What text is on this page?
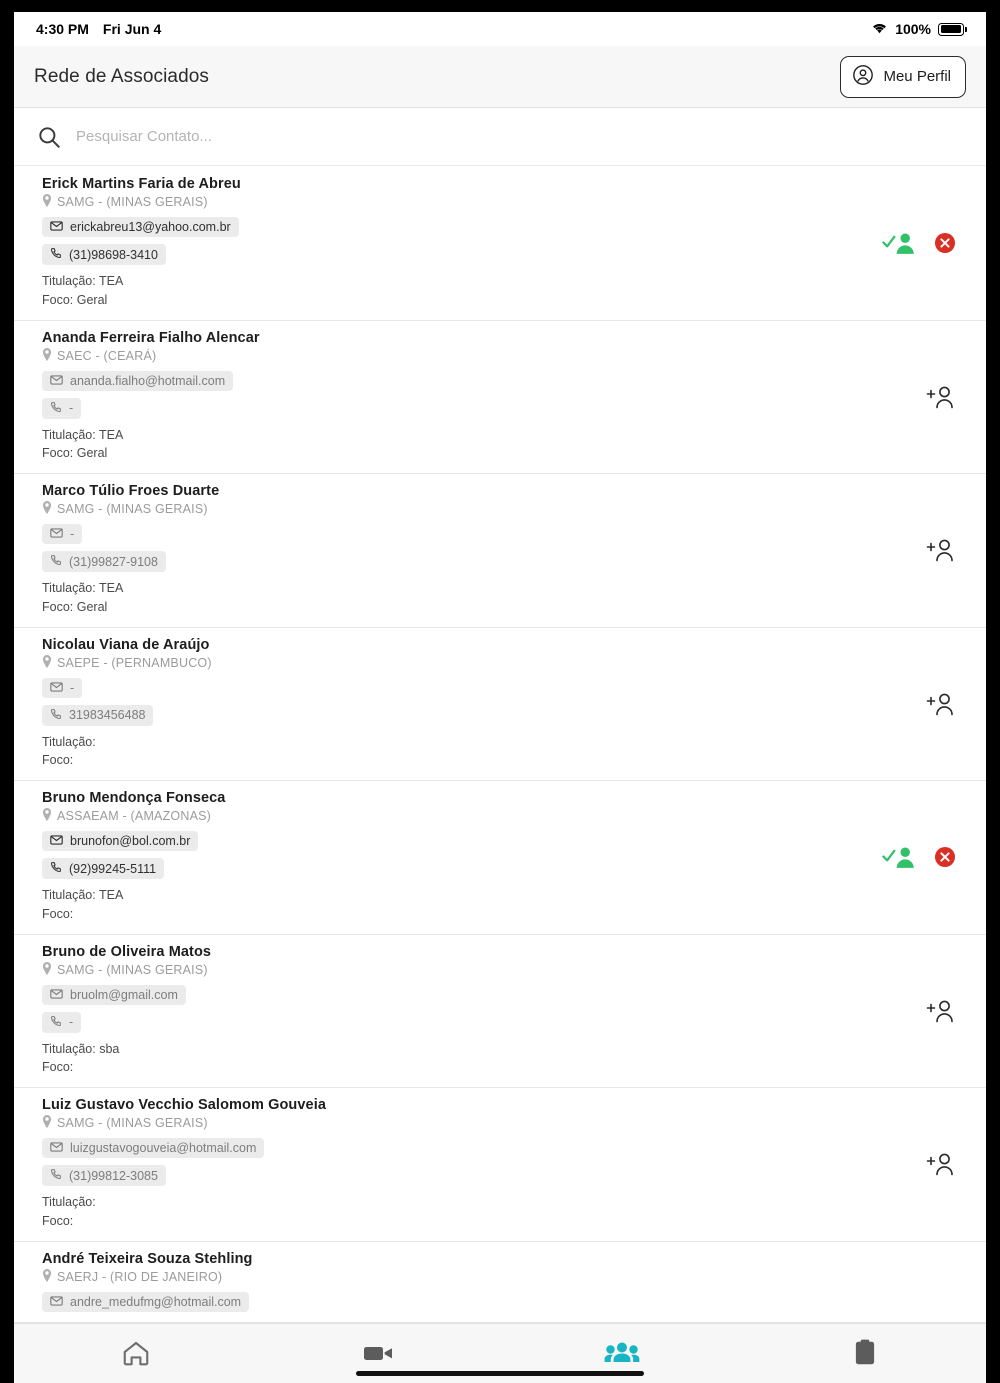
4:30 PM Fri Jun 4	100%
Rede de Associados	Meu Perfil
Pesquisar Contato...
Erick Martins Faria de Abreu
SAMG - (MINAS GERAIS)
erickabreu13@yahoo.com.br
(31)98698-3410
Titulação: TEA
Foco: Geral
Ananda Ferreira Fialho Alencar
SAEC - (CEARÁ)
ananda.fialho@hotmail.com
-
Titulação: TEA
Foco: Geral
Marco Túlio Froes Duarte
SAMG - (MINAS GERAIS)
-
(31)99827-9108
Titulação: TEA
Foco: Geral
Nicolau Viana de Araújo
SAEPE - (PERNAMBUCO)
-
31983456488
Titulação:
Foco:
Bruno Mendonça Fonseca
ASSAEAM - (AMAZONAS)
brunofon@bol.com.br
(92)99245-5111
Titulação: TEA
Foco:
Bruno de Oliveira Matos
SAMG - (MINAS GERAIS)
bruolm@gmail.com
-
Titulação: sba
Foco:
Luiz Gustavo Vecchio Salomom Gouveia
SAMG - (MINAS GERAIS)
luizgustavogouveia@hotmail.com
(31)99812-3085
Titulação:
Foco:
André Teixeira Souza Stehling
SAERJ - (RIO DE JANEIRO)
andre_medufmg@hotmail.com
